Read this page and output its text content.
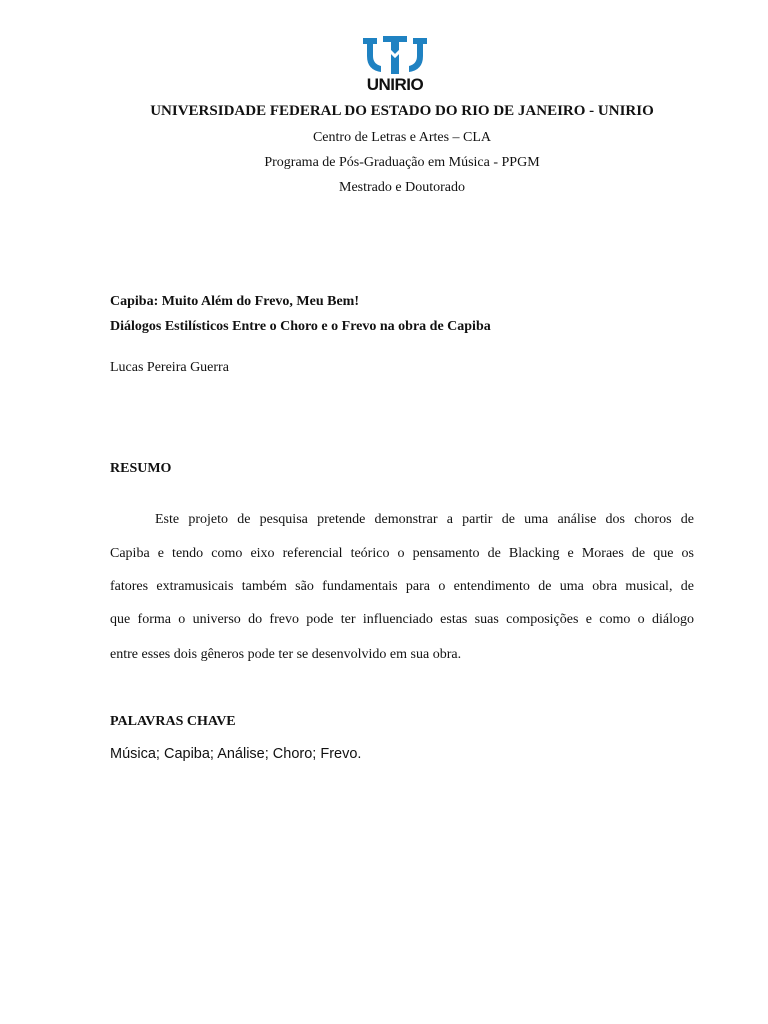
UNIRIO
UNIVERSIDADE FEDERAL DO ESTADO DO RIO DE JANEIRO - UNIRIO
Centro de Letras e Artes – CLA
Programa de Pós-Graduação em Música - PPGM
Mestrado e Doutorado
Capiba: Muito Além do Frevo, Meu Bem!
Diálogos Estilísticos Entre o Choro e o Frevo na obra de Capiba
Lucas Pereira Guerra
RESUMO
Este projeto de pesquisa pretende demonstrar a partir de uma análise dos choros de
Capiba e tendo como eixo referencial teórico o pensamento de Blacking e Moraes de que os
fatores extramusicais também são fundamentais para o entendimento de uma obra musical, de
que forma o universo do frevo pode ter influenciado estas suas composições e como o diálogo
entre esses dois gêneros pode ter se desenvolvido em sua obra.
PALAVRAS CHAVE
Música; Capiba; Análise; Choro; Frevo.
